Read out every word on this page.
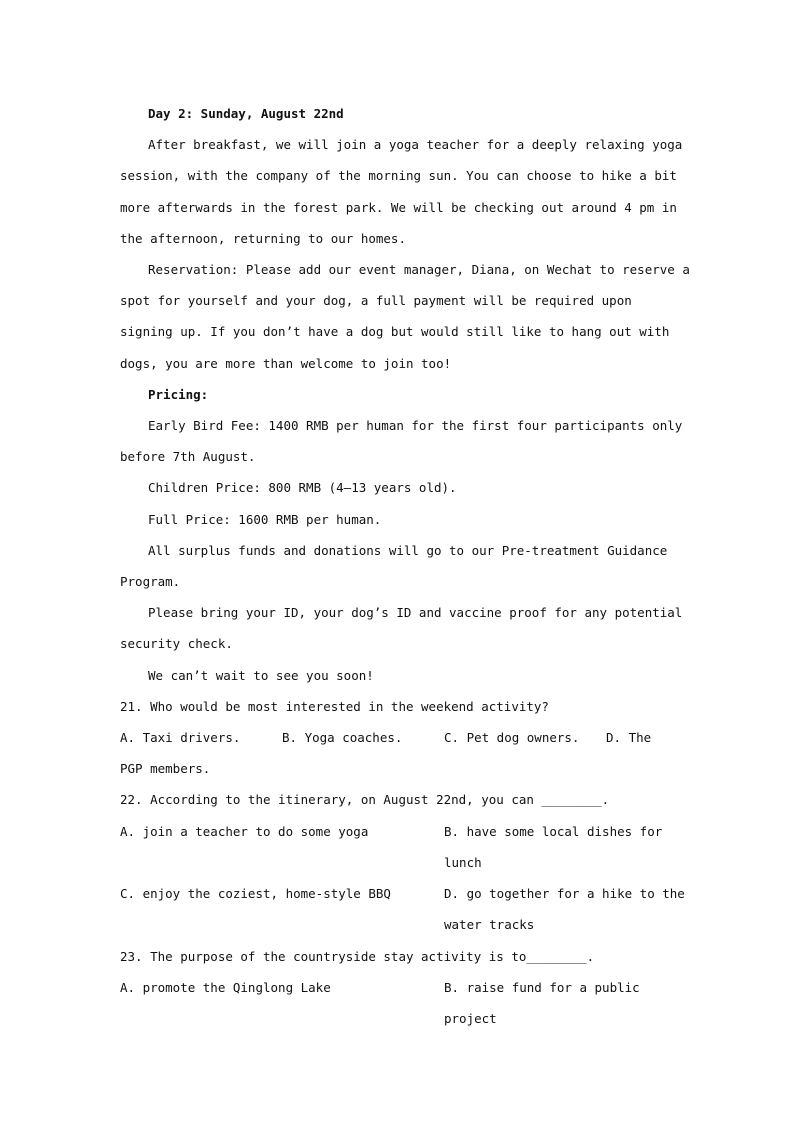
Day 2: Sunday, August 22nd

After breakfast, we will join a yoga teacher for a deeply relaxing yoga session, with the company of the morning sun. You can choose to hike a bit more afterwards in the forest park. We will be checking out around 4 pm in the afternoon, returning to our homes.

Reservation: Please add our event manager, Diana, on Wechat to reserve a spot for yourself and your dog, a full payment will be required upon signing up. If you don’t have a dog but would still like to hang out with dogs, you are more than welcome to join too!

Pricing:

Early Bird Fee: 1400 RMB per human for the first four participants only before 7th August.

Children Price: 800 RMB (4—13 years old).

Full Price: 1600 RMB per human.

All surplus funds and donations will go to our Pre-treatment Guidance Program.

Please bring your ID, your dog’s ID and vaccine proof for any potential security check.

We can’t wait to see you soon!

21. Who would be most interested in the weekend activity?

A. Taxi drivers.	B. Yoga coaches.	C. Pet dog owners.	D. The

PGP members.

22. According to the itinerary, on August 22nd, you can ________.

A. join a teacher to do some yoga	B. have some local dishes for lunch
C. enjoy the coziest, home-style BBQ	D. go together for a hike to the water tracks

23. The purpose of the countryside stay activity is to________.

A. promote the Qinglong Lake	B. raise fund for a public project
